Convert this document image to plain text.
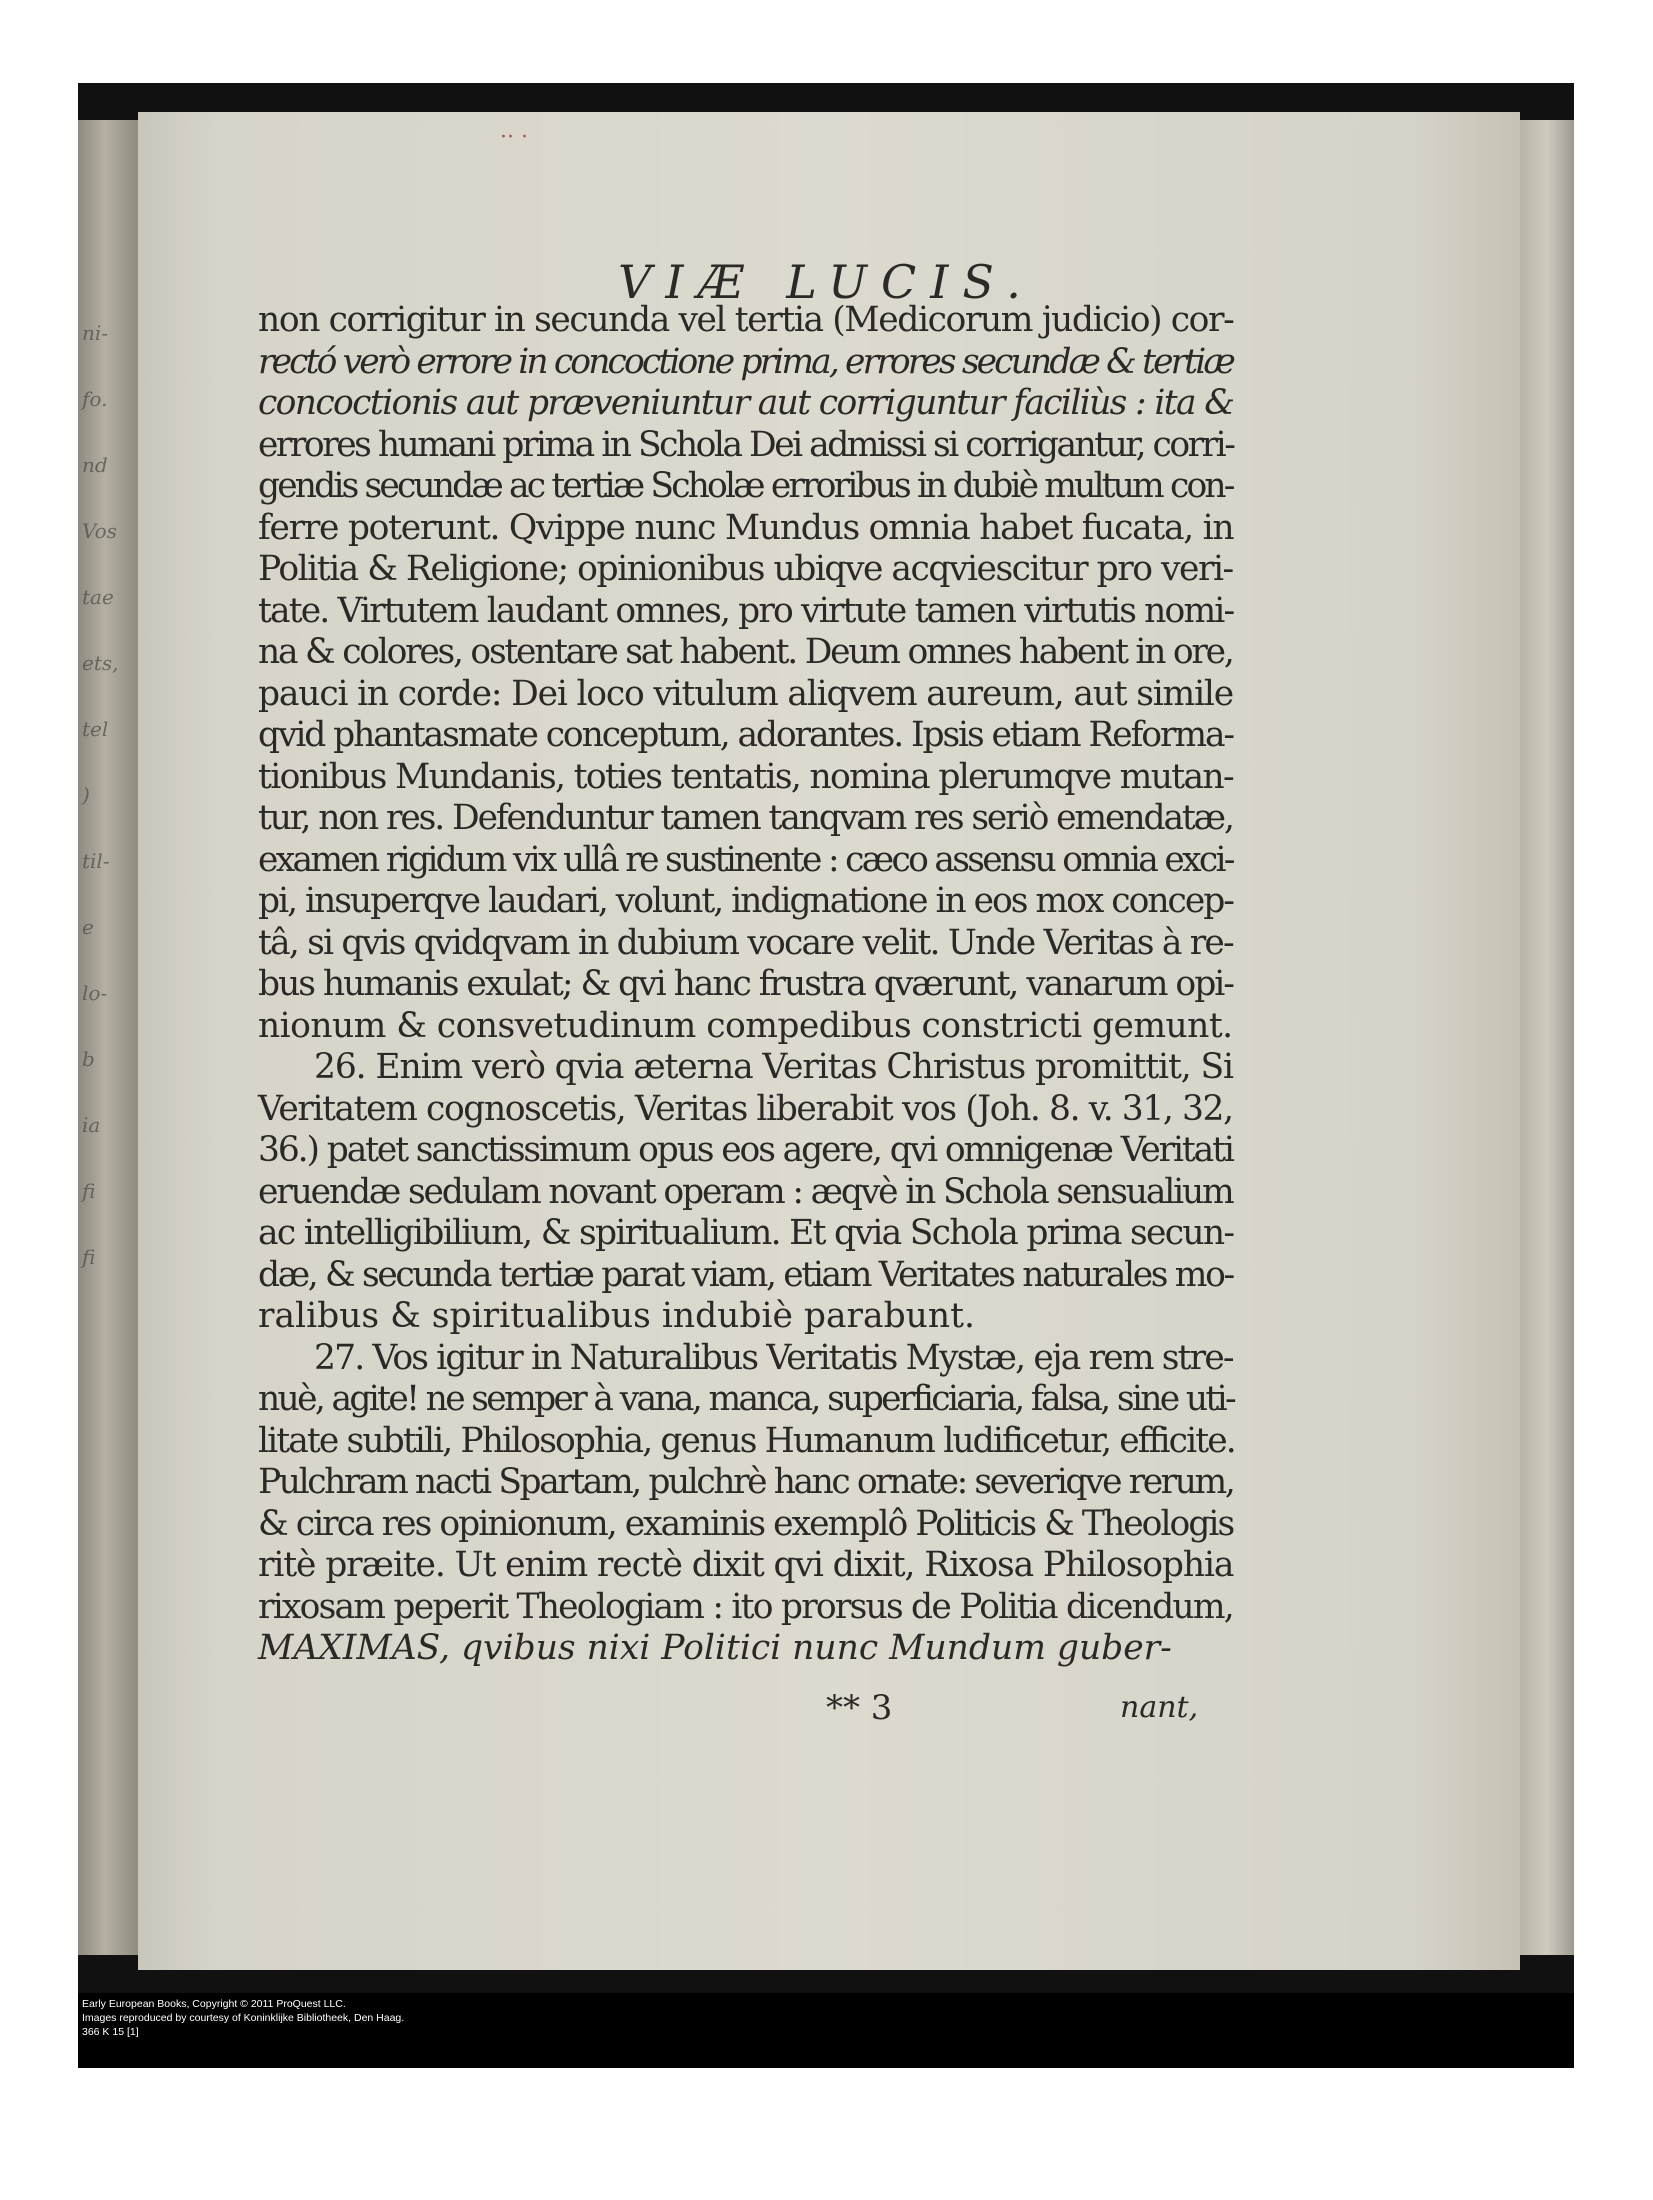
ni-
fo.
nd
Vos
tae
ets,
tel
)
til-
e
lo-
b
ia
fi
fi
·· ·
VIÆ LUCIS.
non corrigitur in secunda vel tertia (Medicorum judicio) cor-
rectó verò errore in concoctione prima, errores secundæ & tertiæ
concoctionis aut præveniuntur aut corriguntur faciliùs : ita &
errores humani prima in Schola Dei admissi si corrigantur, corri-
gendis secundæ ac tertiæ Scholæ erroribus in dubiè multum con-
ferre poterunt. Qvippe nunc Mundus omnia habet fucata, in
Politia & Religione; opinionibus ubiqve acqviescitur pro veri-
tate. Virtutem laudant omnes, pro virtute tamen virtutis nomi-
na & colores, ostentare sat habent. Deum omnes habent in ore,
pauci in corde: Dei loco vitulum aliqvem aureum, aut simile
qvid phantasmate conceptum, adorantes. Ipsis etiam Reforma-
tionibus Mundanis, toties tentatis, nomina plerumqve mutan-
tur, non res. Defenduntur tamen tanqvam res seriò emendatæ,
examen rigidum vix ullâ re sustinente : cæco assensu omnia exci-
pi, insuperqve laudari, volunt, indignatione in eos mox concep-
tâ, si qvis qvidqvam in dubium vocare velit. Unde Veritas à re-
bus humanis exulat; & qvi hanc frustra qværunt, vanarum opi-
nionum & consvetudinum compedibus constricti gemunt.
26. Enim verò qvia æterna Veritas Christus promittit, Si
Veritatem cognoscetis, Veritas liberabit vos (Joh. 8. v. 31, 32,
36.) patet sanctissimum opus eos agere, qvi omnigenæ Veritati
eruendæ sedulam novant operam : æqvè in Schola sensualium
ac intelligibilium, & spiritualium. Et qvia Schola prima secun-
dæ, & secunda tertiæ parat viam, etiam Veritates naturales mo-
ralibus & spiritualibus indubiè parabunt.
27. Vos igitur in Naturalibus Veritatis Mystæ, eja rem stre-
nuè, agite! ne semper à vana, manca, superficiaria, falsa, sine uti-
litate subtili, Philosophia, genus Humanum ludificetur, efficite.
Pulchram nacti Spartam, pulchrè hanc ornate: severiqve rerum,
& circa res opinionum, examinis exemplô Politicis & Theologis
ritè præite. Ut enim rectè dixit qvi dixit, Rixosa Philosophia
rixosam peperit Theologiam : ito prorsus de Politia dicendum,
MAXIMAS, qvibus nixi Politici nunc Mundum guber-
** 3	nant,
Early European Books, Copyright © 2011 ProQuest LLC.
Images reproduced by courtesy of Koninklijke Bibliotheek, Den Haag.
366 K 15 [1]
